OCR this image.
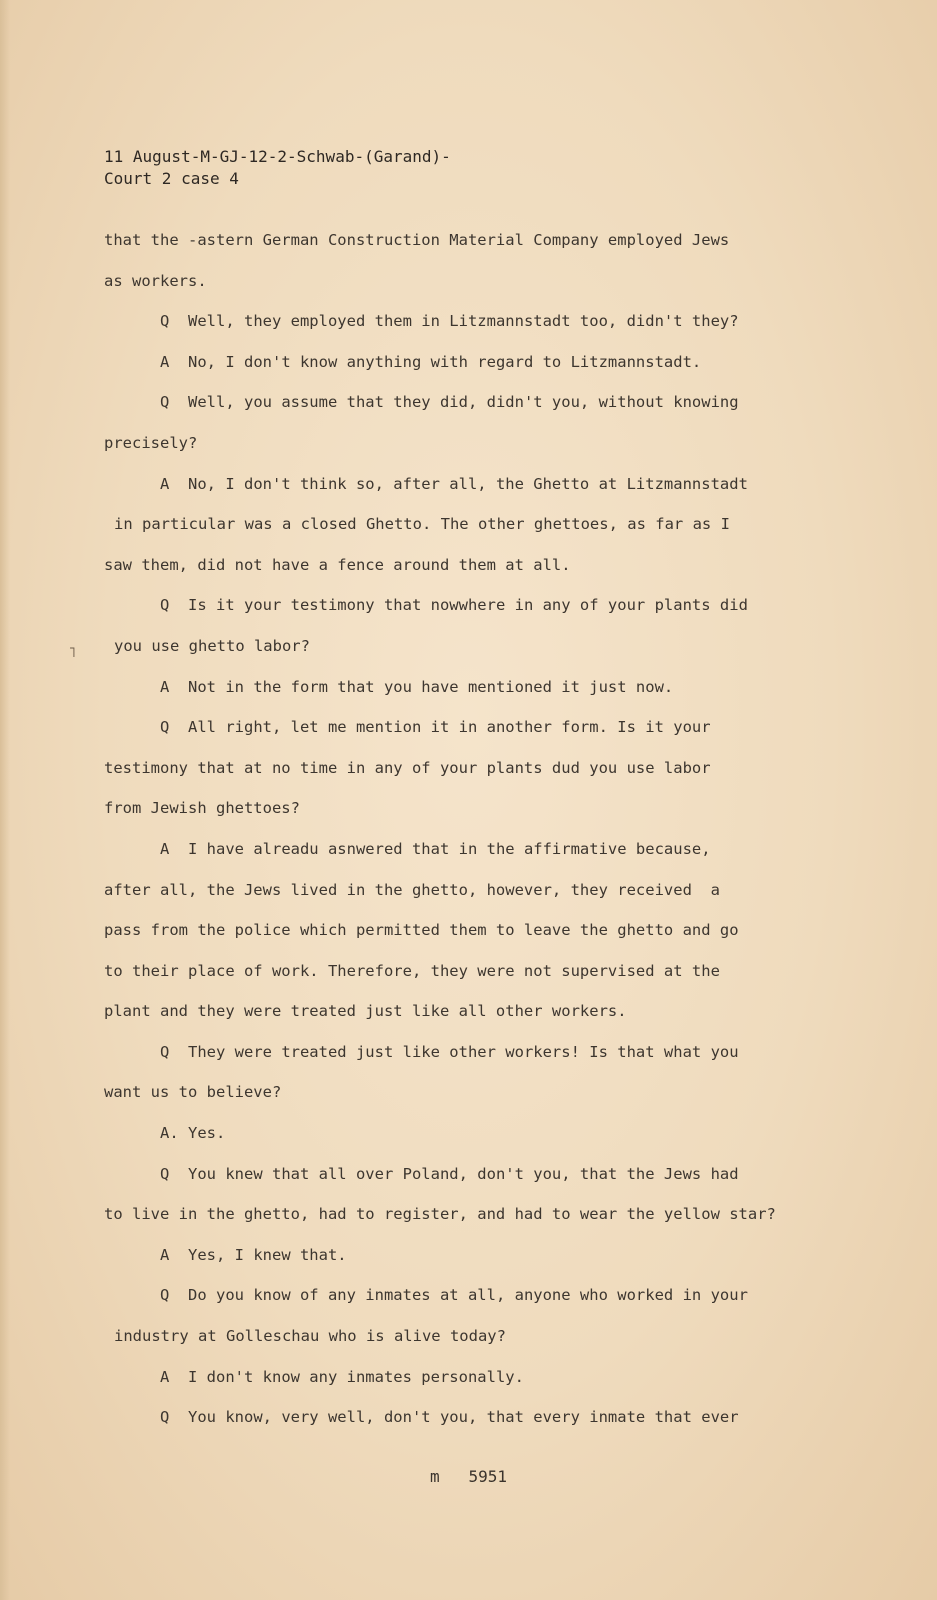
11 August-M-GJ-12-2-Schwab-(Garand)-
Court 2 case 4
˥
that the -astern German Construction Material Company employed Jews
as workers.
Q  Well, they employed them in Litzmannstadt too, didn't they?
A  No, I don't know anything with regard to Litzmannstadt.
Q  Well, you assume that they did, didn't you, without knowing
precisely?
A  No, I don't think so, after all, the Ghetto at Litzmannstadt
in particular was a closed Ghetto. The other ghettoes, as far as I
saw them, did not have a fence around them at all.
Q  Is it your testimony that nowwhere in any of your plants did
you use ghetto labor?
A  Not in the form that you have mentioned it just now.
Q  All right, let me mention it in another form. Is it your
testimony that at no time in any of your plants dud you use labor
from Jewish ghettoes?
A  I have alreadu asnwered that in the affirmative because,
after all, the Jews lived in the ghetto, however, they received  a
pass from the police which permitted them to leave the ghetto and go
to their place of work. Therefore, they were not supervised at the
plant and they were treated just like all other workers.
Q  They were treated just like other workers! Is that what you
want us to believe?
A. Yes.
Q  You knew that all over Poland, don't you, that the Jews had
to live in the ghetto, had to register, and had to wear the yellow star?
A  Yes, I knew that.
Q  Do you know of any inmates at all, anyone who worked in your
industry at Golleschau who is alive today?
A  I don't know any inmates personally.
Q  You know, very well, don't you, that every inmate that ever
m 5951
